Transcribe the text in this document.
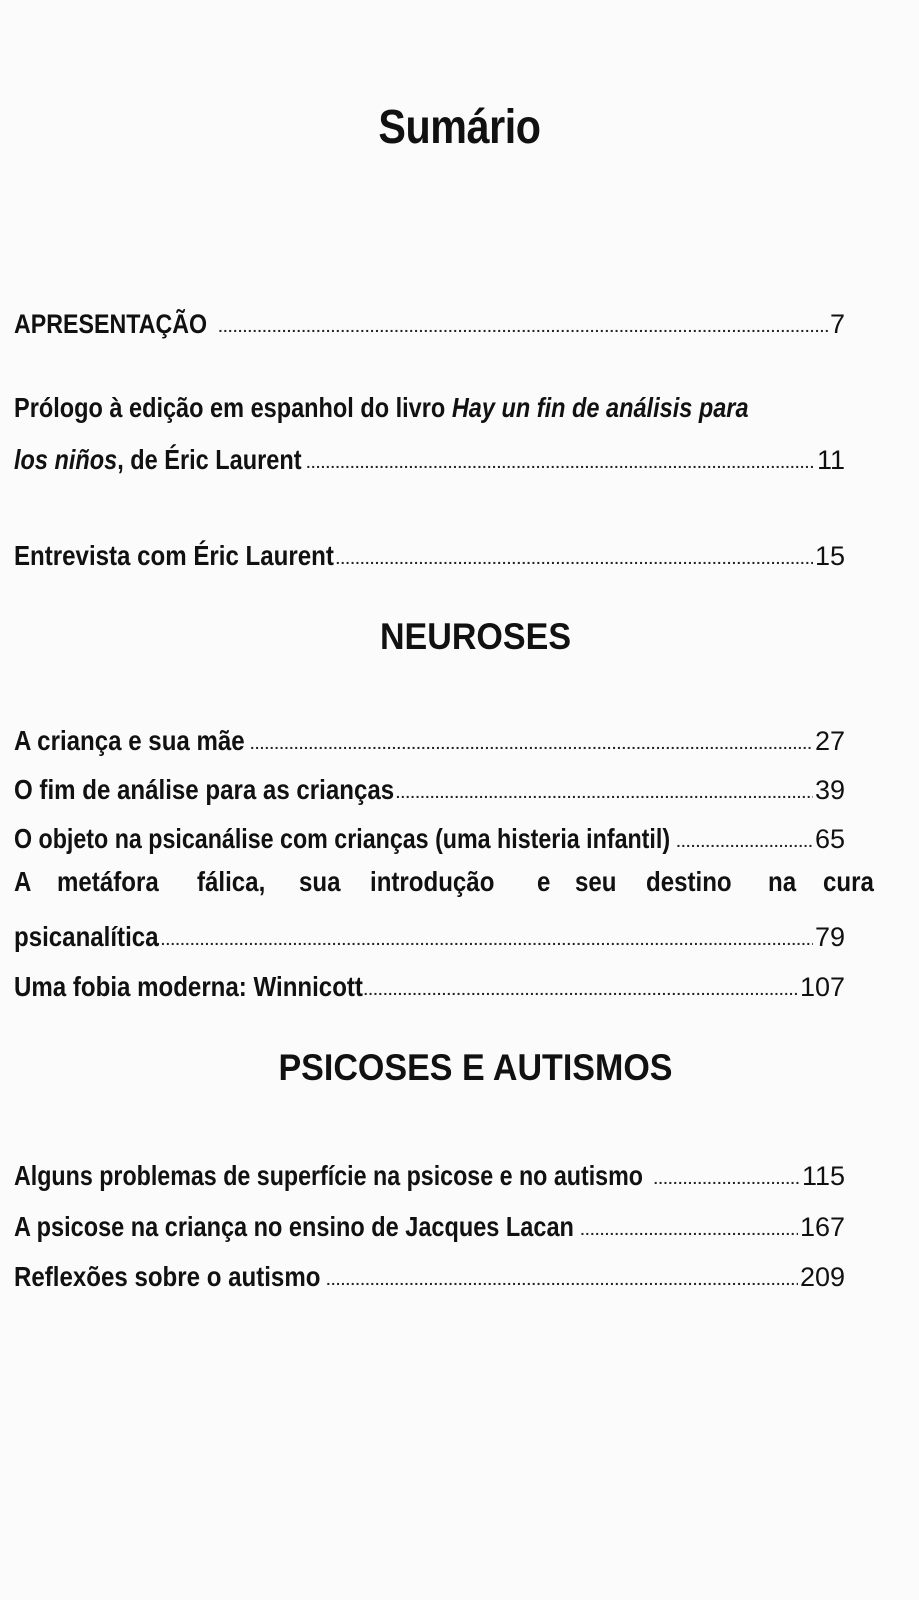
Sumário
APRESENTAÇÃO .....	7
Prólogo à edição em espanhol do livro Hay un fin de análisis para
los niños, de Éric Laurent .....	11
Entrevista com Éric Laurent .....	15
NEUROSES
A criança e sua mãe .....	27
O fim de análise para as crianças .....	39
O objeto na psicanálise com crianças (uma histeria infantil) .....	65
A metáfora fálica, sua introdução e seu destino na cura
psicanalítica .....	79
Uma fobia moderna: Winnicott .....	107
PSICOSES E AUTISMOS
Alguns problemas de superfície na psicose e no autismo .....	115
A psicose na criança no ensino de Jacques Lacan .....	167
Reflexões sobre o autismo .....	209
